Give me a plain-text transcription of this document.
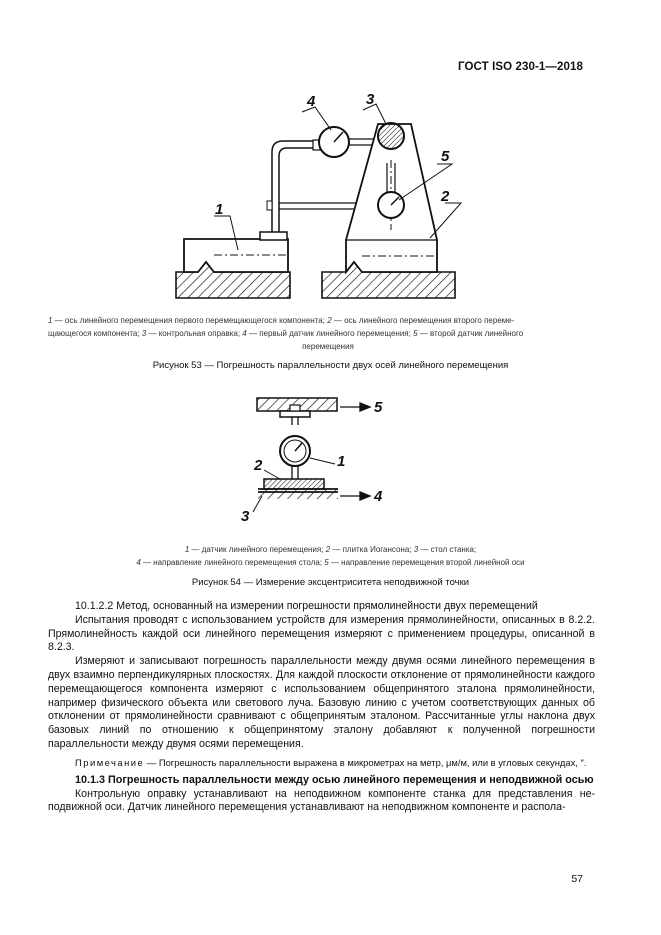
ГОСТ ISO 230-1—2018
4	3
5
2
1
1 — ось линейного перемещения первого перемещающегося компонента; 2 — ось линейного перемещения второго переме-
щающегося компонента; 3 — контрольная оправка; 4 — первый датчик линейного перемещения; 5 — второй датчик линейного
перемещения
Рисунок 53 — Погрешность параллельности двух осей линейного перемещения
5
1
2
4
3
1 — датчик линейного перемещения; 2 — плитка Иогансона; 3 — стол станка;
4 — направление линейного перемещения стола; 5 — направление перемещения второй линейной оси
Рисунок 54 — Измерение эксцентриситета неподвижной точки
10.1.2.2 Метод, основанный на измерении погрешности прямолинейности двух перемещений
Испытания проводят с использованием устройств для измерения прямолинейности, описанных в 8.2.2. Прямолинейность каждой оси линейного перемещения измеряют с применением процедуры, описанной в 8.2.3.
Измеряют и записывают погрешность параллельности между двумя осями линейного перемещения в двух взаимно перпендикулярных плоскостях. Для каждой плоскости отклонение от прямолинейности каждого перемещающегося компонента измеряют с использованием общепринятого эталона прямолинейности, например физического объекта или светового луча. Базовую линию с учетом соответствующих данных об отклонении от прямолинейности сравнивают с общепринятым эталоном. Рассчитанные углы наклона двух базовых линий по отношению к общепринятому эталону добавляют к полученной погрешности параллельности между двумя осями перемещения.
Примечание — Погрешность параллельности выражена в микрометрах на метр, μм/м, или в угловых секундах, ″.
10.1.3 Погрешность параллельности между осью линейного перемещения и неподвижной осью
Контрольную оправку устанавливают на неподвижном компоненте станка для представления неподвижной оси. Датчик линейного перемещения устанавливают на неподвижном компоненте и распола-
57
